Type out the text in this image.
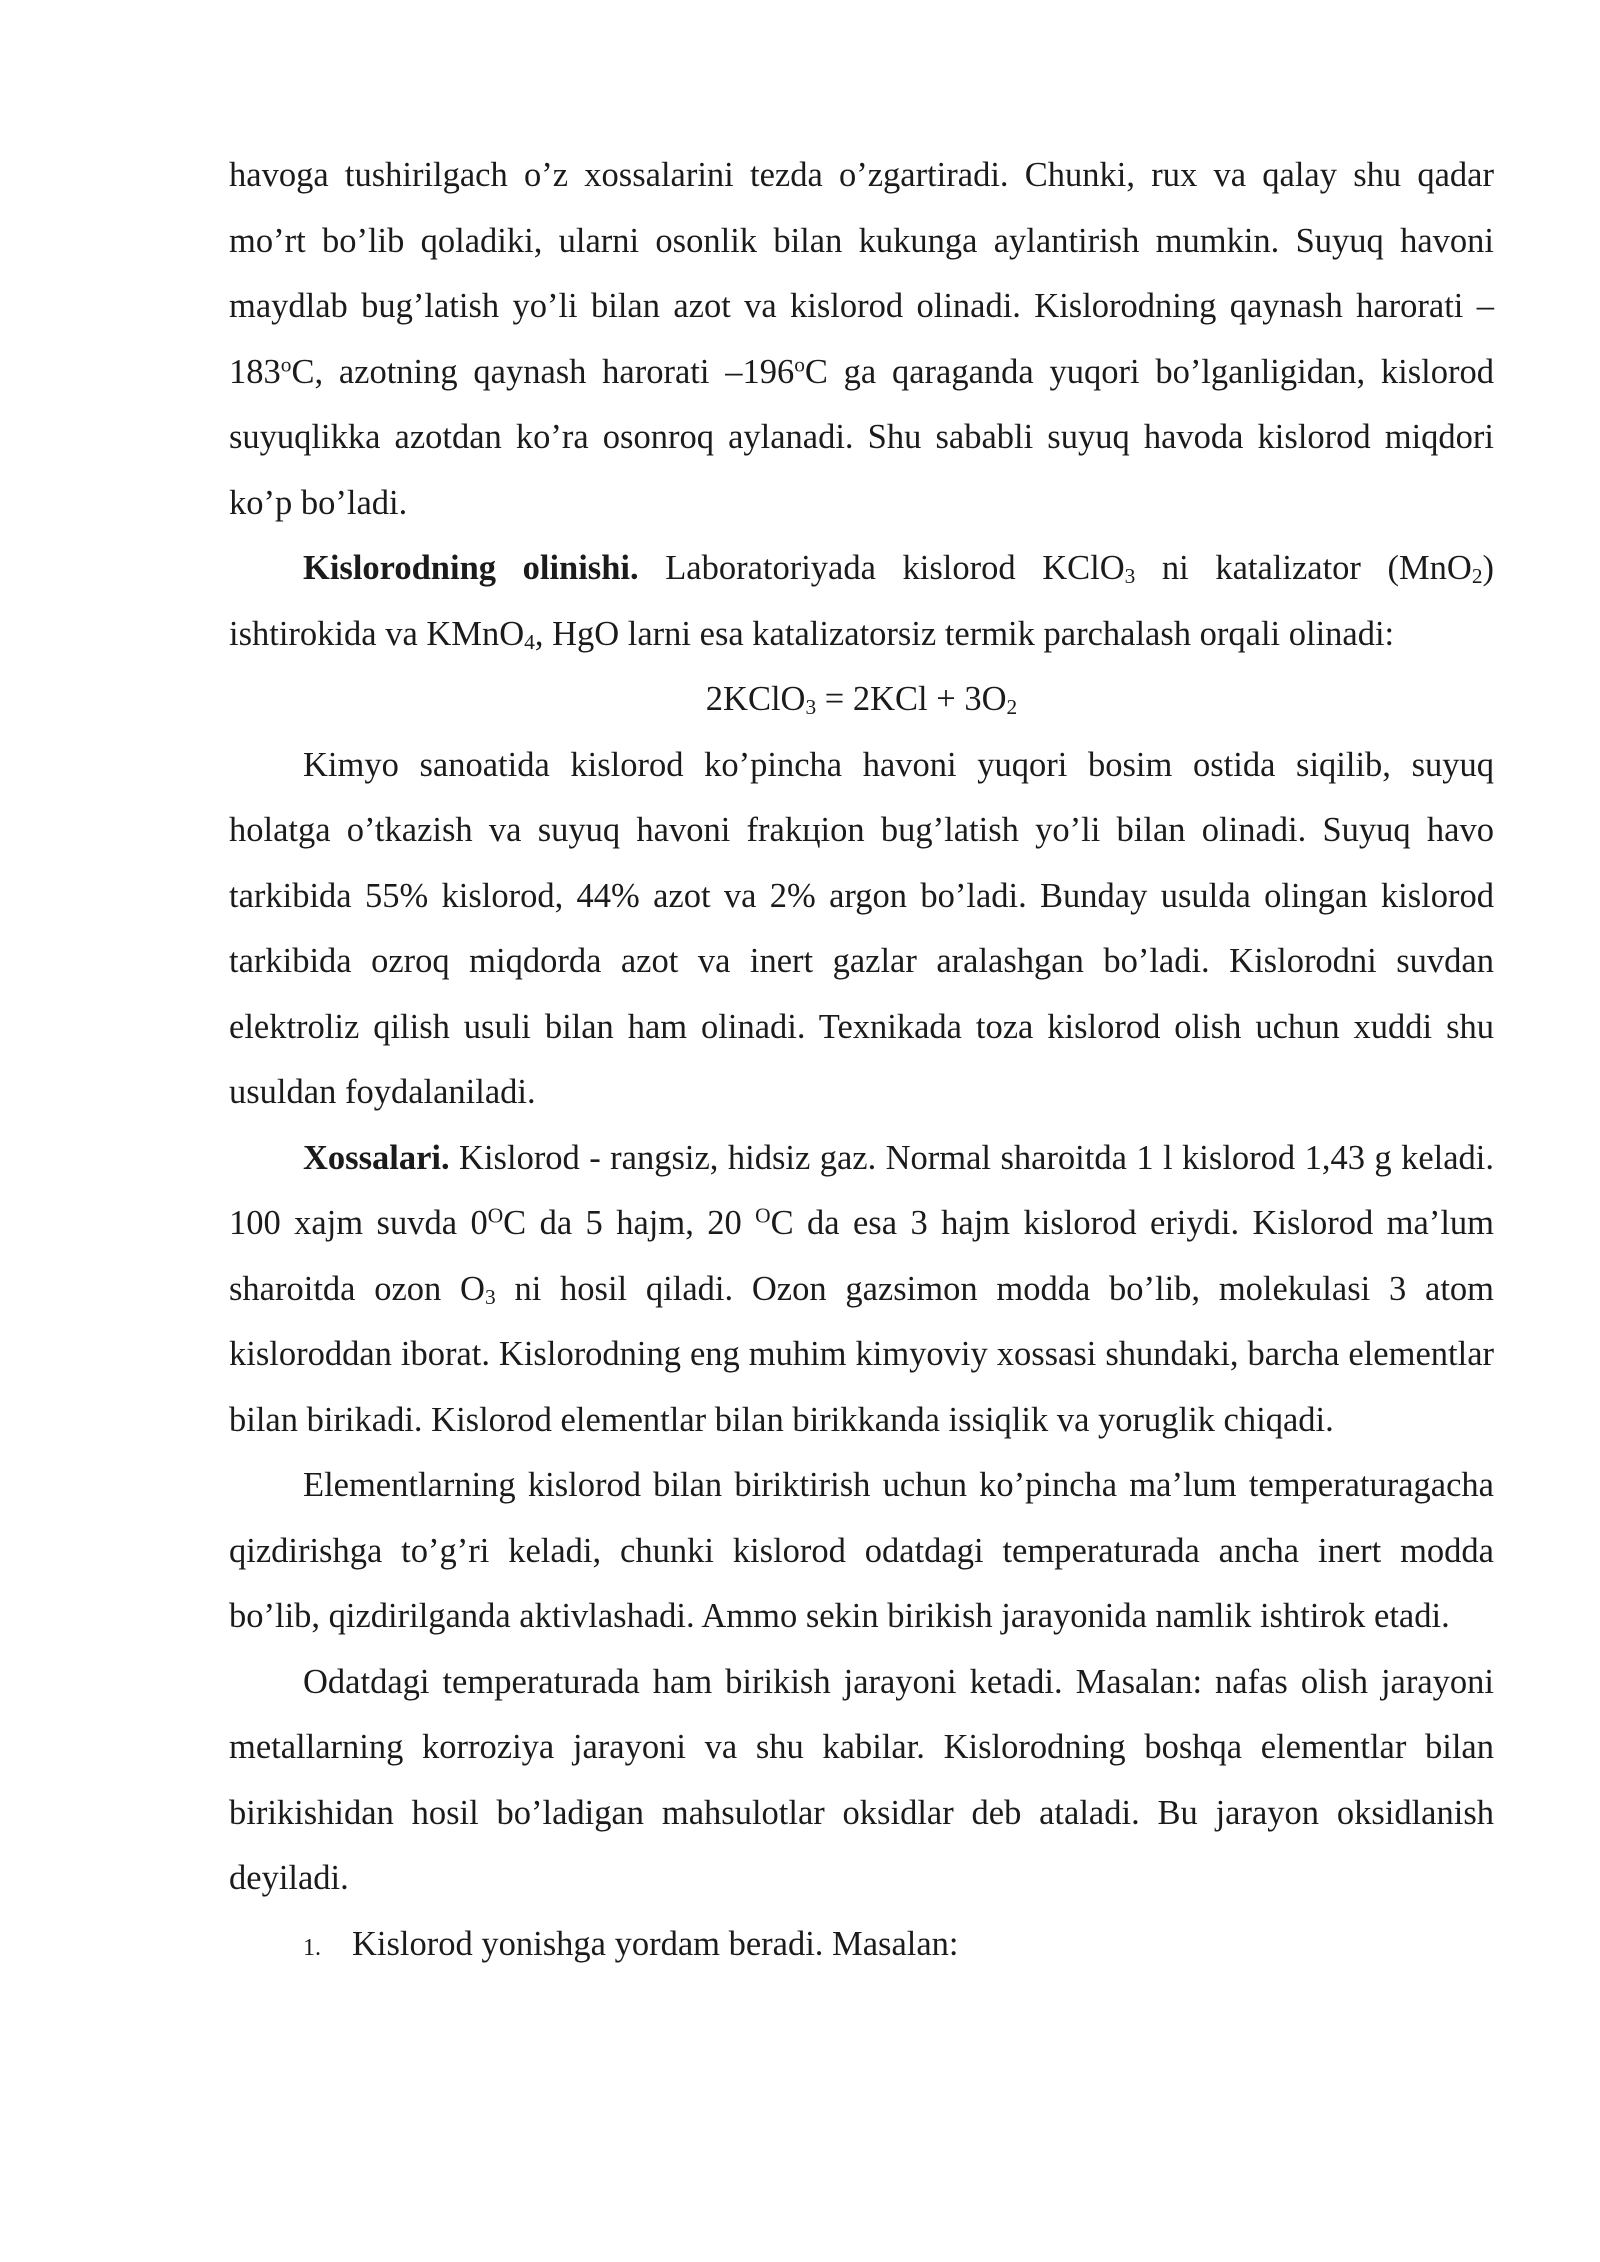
havoga tushirilgach o’z xossalarini tezda o’zgartiradi. Chunki, rux va qalay shu qadar mo’rt bo’lib qoladiki, ularni osonlik bilan kukunga aylantirish mumkin. Suyuq havoni maydlab bug’latish yo’li bilan azot va kislorod olinadi. Kislorodning qaynash harorati –183$^o$C, azotning qaynash harorati –196$^o$C ga qaraganda yuqori bo’lganligidan, kislorod suyuqlikka azotdan ko’ra osonroq aylanadi. Shu sababli suyuq havoda kislorod miqdori ko’p bo’ladi.

Kislorodning olinishi. Laboratoriyada kislorod KClO$_3$ ni katalizator (MnO$_2$) ishtirokida va KMnO$_4$, HgO larni esa katalizatorsiz termik parchalash orqali olinadi:

2KClO$_3$ = $2KCl + 3O_2$

Kimyo sanoatida kislorod ko’pincha havoni yuqori bosim ostida siqilib, suyuq holatga o’tkazish va suyuq havoni frakцion bug’latish yo’li bilan olinadi. Suyuq havo tarkibida 55% kislorod, 44% azot va 2% argon bo’ladi. Bunday usulda olingan kislorod tarkibida ozroq miqdorda azot va inert gazlar aralashgan bo’ladi. Kislorodni suvdan elektroliz qilish usuli bilan ham olinadi. Texnikada toza kislorod olish uchun xuddi shu usuldan foydalaniladi.

Xossalari. Kislorod - rangsiz, hidsiz gaz. Normal sharoitda 1 l kislorod 1,43 g keladi. 100 xajm suvda $0^OC$ da 5 hajm, 20 $^O$C da esa 3 hajm kislorod eriydi. Kislorod ma’lum sharoitda ozon $O_3$ ni hosil qiladi. Ozon gazsimon modda bo’lib, molekulasi 3 atom kisloroddan iborat. Kislorodning eng muhim kimyoviy xossasi shundaki, barcha elementlar bilan birikadi. Kislorod elementlar bilan birikkanda issiqlik va yoruglik chiqadi.

Elementlarning kislorod bilan biriktirish uchun ko’pincha ma’lum temperaturagacha qizdirishga to’g’ri keladi, chunki kislorod odatdagi temperaturada ancha inert modda bo’lib, qizdirilganda aktivlashadi. Ammo sekin birikish jarayonida namlik ishtirok etadi.

Odatdagi temperaturada ham birikish jarayoni ketadi. Masalan: nafas olish jarayoni metallarning korroziya jarayoni va shu kabilar. Kislorodning boshqa elementlar bilan birikishidan hosil bo’ladigan mahsulotlar oksidlar deb ataladi. Bu jarayon oksidlanish deyiladi.

1. Kislorod yonishga yordam beradi. Masalan:
